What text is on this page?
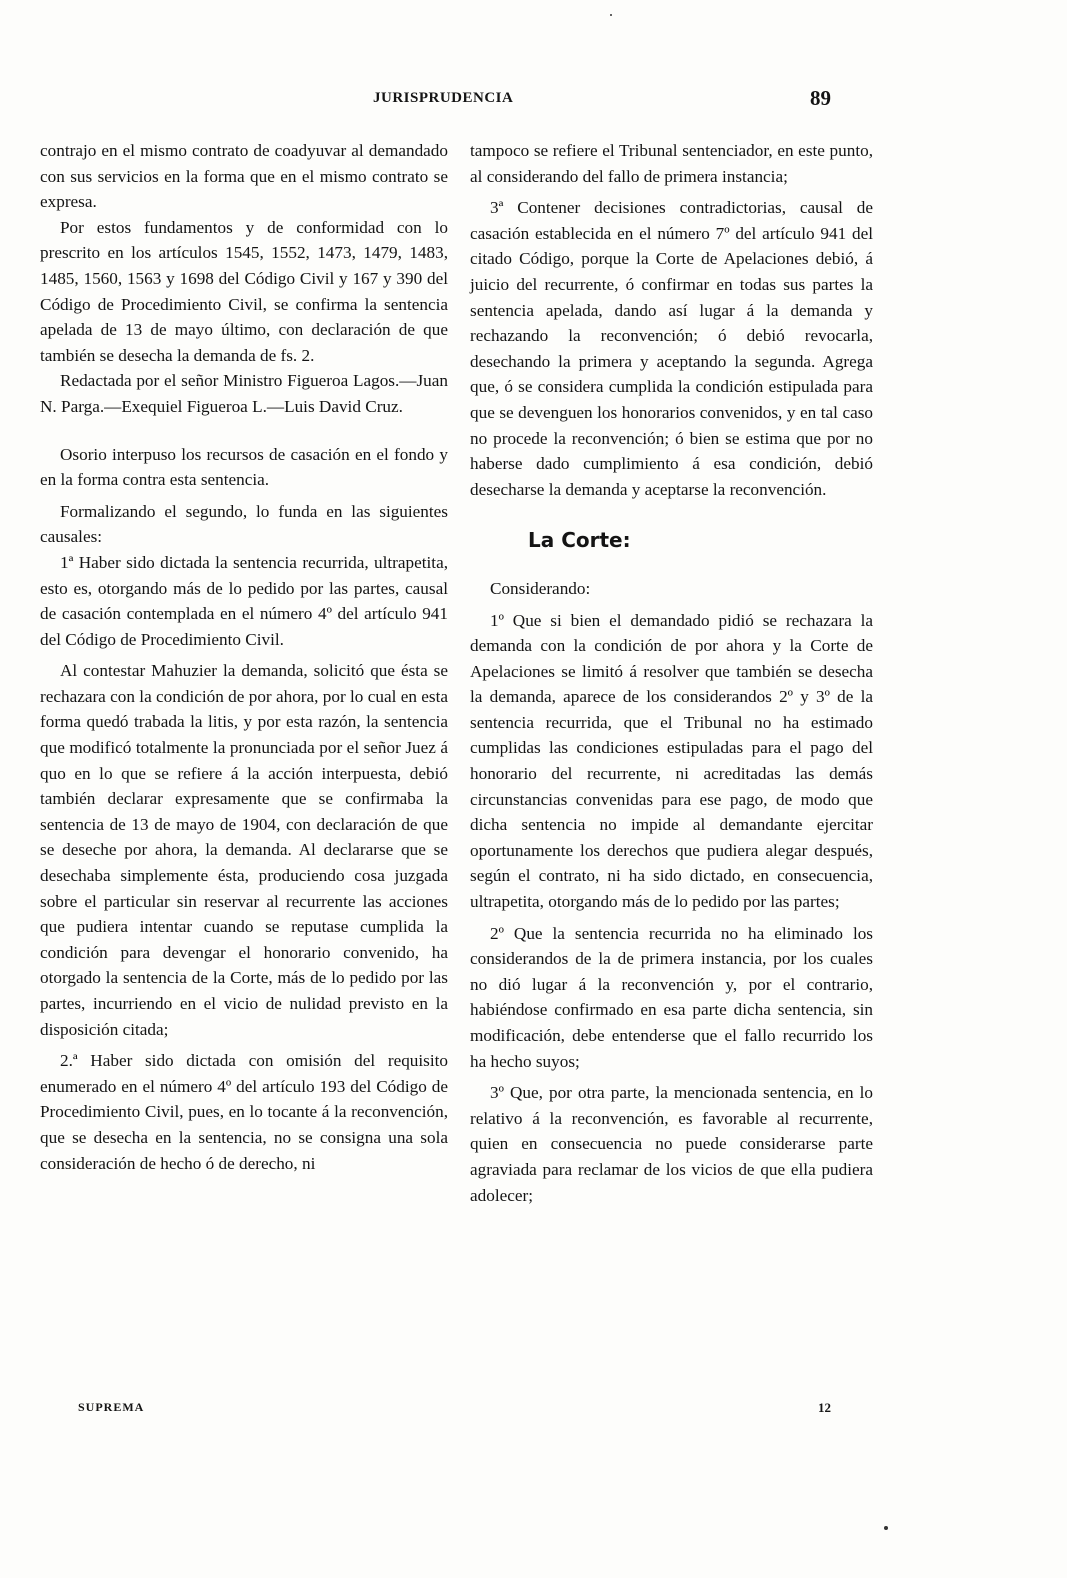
JURISPRUDENCIA	89

contrajo en el mismo contrato de coadyuvar al demandado con sus servicios en la forma que en el mismo contrato se expresa.

Por estos fundamentos y de conformidad con lo prescrito en los artículos 1545, 1552, 1473, 1479, 1483, 1485, 1560, 1563 y 1698 del Código Civil y 167 y 390 del Código de Procedimiento Civil, se confirma la sentencia apelada de 13 de mayo último, con declaración de que también se desecha la demanda de fs. 2.

Redactada por el señor Ministro Figueroa Lagos.—Juan N. Parga.—Exequiel Figueroa L.—Luis David Cruz.

Osorio interpuso los recursos de casación en el fondo y en la forma contra esta sentencia.

Formalizando el segundo, lo funda en las siguientes causales:

1ª Haber sido dictada la sentencia recurrida, ultrapetita, esto es, otorgando más de lo pedido por las partes, causal de casación contemplada en el número 4º del artículo 941 del Código de Procedimiento Civil.

Al contestar Mahuzier la demanda, solicitó que ésta se rechazara con la condición de por ahora, por lo cual en esta forma quedó trabada la litis, y por esta razón, la sentencia que modificó totalmente la pronunciada por el señor Juez á quo en lo que se refiere á la acción interpuesta, debió también declarar expresamente que se confirmaba la sentencia de 13 de mayo de 1904, con declaración de que se deseche por ahora, la demanda. Al declararse que se desechaba simplemente ésta, produciendo cosa juzgada sobre el particular sin reservar al recurrente las acciones que pudiera intentar cuando se reputase cumplida la condición para devengar el honorario convenido, ha otorgado la sentencia de la Corte, más de lo pedido por las partes, incurriendo en el vicio de nulidad previsto en la disposición citada;

2.ª Haber sido dictada con omisión del requisito enumerado en el número 4º del artículo 193 del Código de Procedimiento Civil, pues, en lo tocante á la reconvención, que se desecha en la sentencia, no se consigna una sola consideración de hecho ó de derecho, ni

tampoco se refiere el Tribunal sentenciador, en este punto, al considerando del fallo de primera instancia;

3ª Contener decisiones contradictorias, causal de casación establecida en el número 7º del artículo 941 del citado Código, porque la Corte de Apelaciones debió, á juicio del recurrente, ó confirmar en todas sus partes la sentencia apelada, dando así lugar á la demanda y rechazando la reconvención; ó debió revocarla, desechando la primera y aceptando la segunda. Agrega que, ó se considera cumplida la condición estipulada para que se devenguen los honorarios convenidos, y en tal caso no procede la reconvención; ó bien se estima que por no haberse dado cumplimiento á esa condición, debió desecharse la demanda y aceptarse la reconvención.

La Corte:

Considerando:

1º Que si bien el demandado pidió se rechazara la demanda con la condición de por ahora y la Corte de Apelaciones se limitó á resolver que también se desecha la demanda, aparece de los considerandos 2º y 3º de la sentencia recurrida, que el Tribunal no ha estimado cumplidas las condiciones estipuladas para el pago del honorario del recurrente, ni acreditadas las demás circunstancias convenidas para ese pago, de modo que dicha sentencia no impide al demandante ejercitar oportunamente los derechos que pudiera alegar después, según el contrato, ni ha sido dictado, en consecuencia, ultrapetita, otorgando más de lo pedido por las partes;

2º Que la sentencia recurrida no ha eliminado los considerandos de la de primera instancia, por los cuales no dió lugar á la reconvención y, por el contrario, habiéndose confirmado en esa parte dicha sentencia, sin modificación, debe entenderse que el fallo recurrido los ha hecho suyos;

3º Que, por otra parte, la mencionada sentencia, en lo relativo á la reconvención, es favorable al recurrente, quien en consecuencia no puede considerarse parte agraviada para reclamar de los vicios de que ella pudiera adolecer;

SUPREMA	12
